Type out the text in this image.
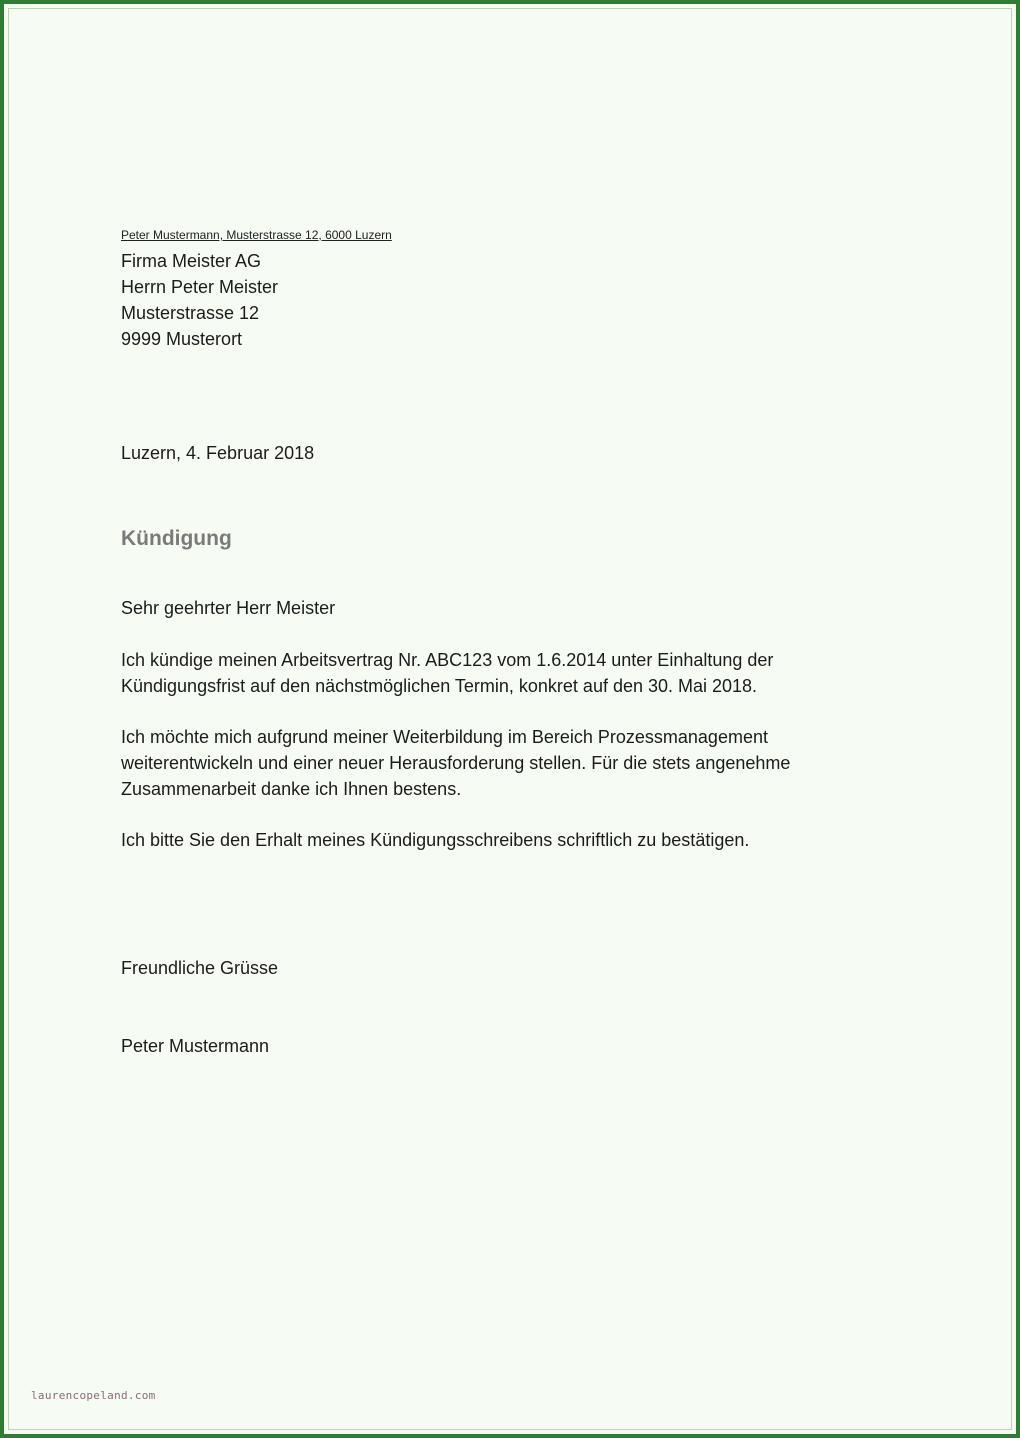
Peter Mustermann, Musterstrasse 12, 6000 Luzern

Firma Meister AG
Herrn Peter Meister
Musterstrasse 12
9999 Musterort

Luzern, 4. Februar 2018

Kündigung

Sehr geehrter Herr Meister

Ich kündige meinen Arbeitsvertrag Nr. ABC123 vom 1.6.2014 unter Einhaltung der
Kündigungsfrist auf den nächstmöglichen Termin, konkret auf den 30. Mai 2018.
Ich möchte mich aufgrund meiner Weiterbildung im Bereich Prozessmanagement
weiterentwickeln und einer neuer Herausforderung stellen. Für die stets angenehme
Zusammenarbeit danke ich Ihnen bestens.
Ich bitte Sie den Erhalt meines Kündigungsschreibens schriftlich zu bestätigen.

Freundliche Grüsse

Peter Mustermann

laurencopeland.com
